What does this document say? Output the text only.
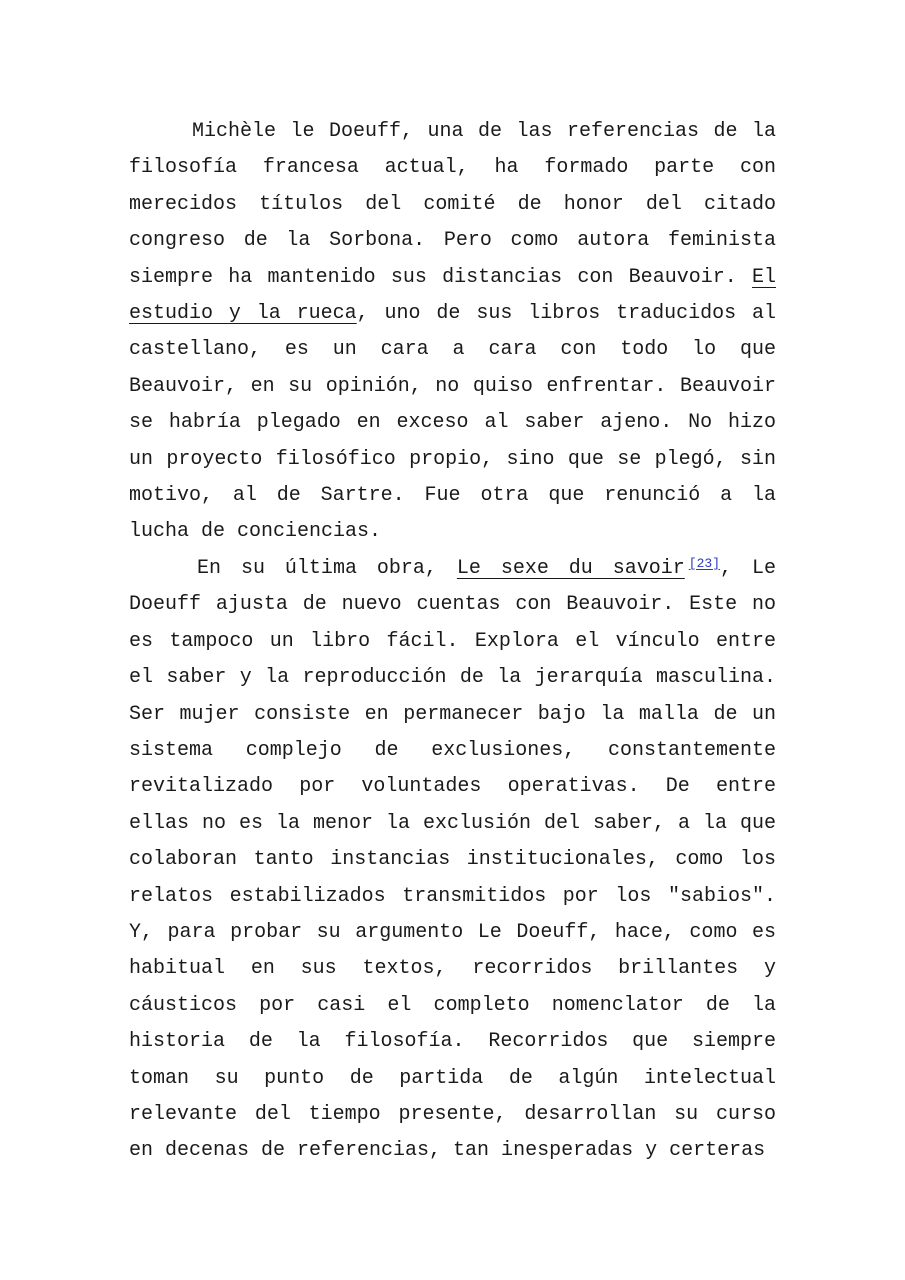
Michèle le Doeuff, una de las referencias de la filosofía francesa actual, ha formado parte con merecidos títulos del comité de honor del citado congreso de la Sorbona. Pero como autora feminista siempre ha mantenido sus distancias con Beauvoir. El estudio y la rueca, uno de sus libros traducidos al castellano, es un cara a cara con todo lo que Beauvoir, en su opinión, no quiso enfrentar. Beauvoir se habría plegado en exceso al saber ajeno. No hizo un proyecto filosófico propio, sino que se plegó, sin motivo, al de Sartre. Fue otra que renunció a la lucha de conciencias.

En su última obra, Le sexe du savoir [23], Le Doeuff ajusta de nuevo cuentas con Beauvoir. Este no es tampoco un libro fácil. Explora el vínculo entre el saber y la reproducción de la jerarquía masculina. Ser mujer consiste en permanecer bajo la malla de un sistema complejo de exclusiones, constantemente revitalizado por voluntades operativas. De entre ellas no es la menor la exclusión del saber, a la que colaboran tanto instancias institucionales, como los relatos estabilizados transmitidos por los "sabios". Y, para probar su argumento Le Doeuff, hace, como es habitual en sus textos, recorridos brillantes y cáusticos por casi el completo nomenclator de la historia de la filosofía. Recorridos que siempre toman su punto de partida de algún intelectual relevante del tiempo presente, desarrollan su curso en decenas de referencias, tan inesperadas y certeras
